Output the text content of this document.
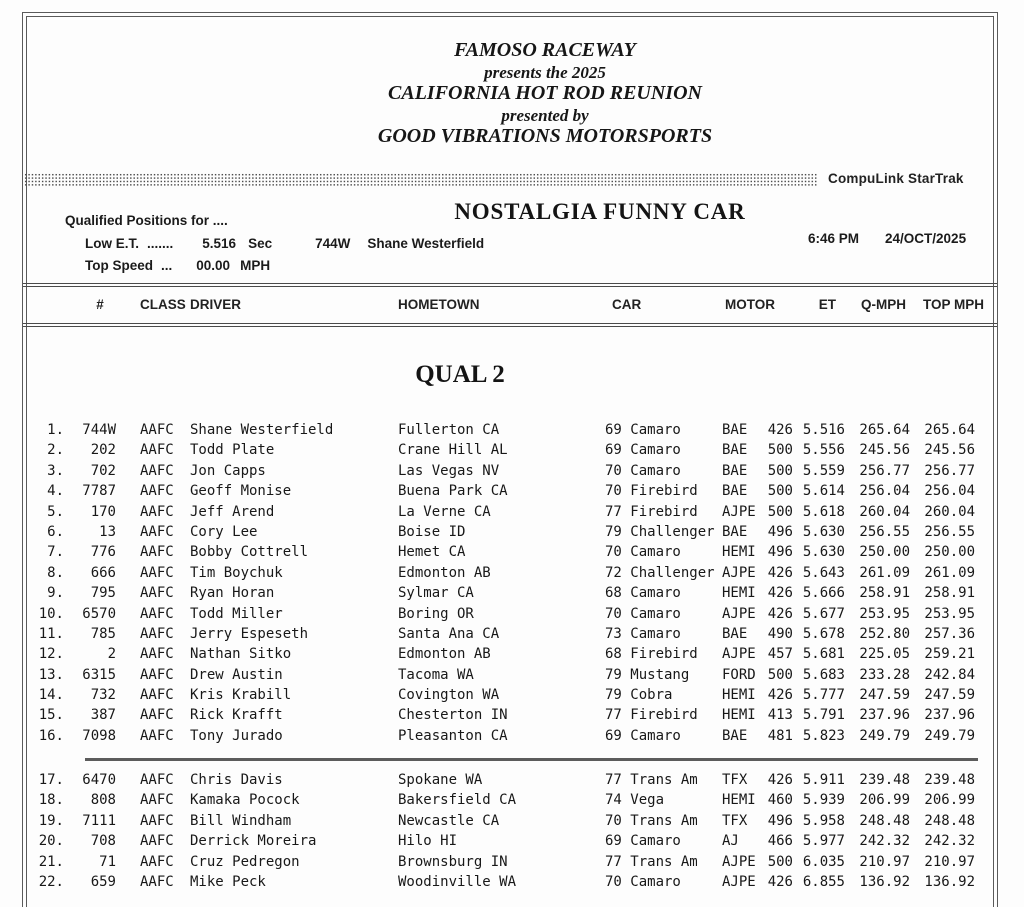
FAMOSO RACEWAY
presents the 2025
CALIFORNIA HOT ROD REUNION
presented by
GOOD VIBRATIONS MOTORSPORTS
CompuLink StarTrak
NOSTALGIA FUNNY CAR
Qualified Positions for ....
Low E.T. ....... 5.516 Sec	744W Shane Westerfield
Top Speed ... 00.00 MPH
6:46 PM 24/OCT/2025
#	CLASS DRIVER	HOMETOWN	CAR	MOTOR	ET	Q-MPH	TOP MPH
QUAL 2
1.	744W	AAFC	Shane Westerfield	Fullerton CA	69 Camaro	BAE	426 5.516	265.64	265.64
2.	202	AAFC	Todd Plate	Crane Hill AL	69 Camaro	BAE	500 5.556	245.56	245.56
3.	702	AAFC	Jon Capps	Las Vegas NV	70 Camaro	BAE	500 5.559	256.77	256.77
4.	7787	AAFC	Geoff Monise	Buena Park CA	70 Firebird	BAE	500 5.614	256.04	256.04
5.	170	AAFC	Jeff Arend	La Verne CA	77 Firebird	AJPE 500 5.618	260.04	260.04
6.	13	AAFC	Cory Lee	Boise ID	79 Challenger BAE	496 5.630	256.55	256.55
7.	776	AAFC	Bobby Cottrell	Hemet CA	70 Camaro	HEMI 496 5.630	250.00	250.00
8.	666	AAFC	Tim Boychuk	Edmonton AB	72 Challenger AJPE 426 5.643	261.09	261.09
9.	795	AAFC	Ryan Horan	Sylmar CA	68 Camaro	HEMI 426 5.666	258.91	258.91
10.	6570	AAFC	Todd Miller	Boring OR	70 Camaro	AJPE 426 5.677	253.95	253.95
11.	785	AAFC	Jerry Espeseth	Santa Ana CA	73 Camaro	BAE	490 5.678	252.80	257.36
12.	2	AAFC	Nathan Sitko	Edmonton AB	68 Firebird	AJPE 457 5.681	225.05	259.21
13.	6315	AAFC	Drew Austin	Tacoma WA	79 Mustang	FORD 500 5.683	233.28	242.84
14.	732	AAFC	Kris Krabill	Covington WA	79 Cobra	HEMI 426 5.777	247.59	247.59
15.	387	AAFC	Rick Krafft	Chesterton IN	77 Firebird	HEMI 413 5.791	237.96	237.96
16.	7098	AAFC	Tony Jurado	Pleasanton CA	69 Camaro	BAE	481 5.823	249.79	249.79
17.	6470	AAFC	Chris Davis	Spokane WA	77 Trans Am	TFX	426 5.911	239.48	239.48
18.	808	AAFC	Kamaka Pocock	Bakersfield CA	74 Vega	HEMI 460 5.939	206.99	206.99
19.	7111	AAFC	Bill Windham	Newcastle CA	70 Trans Am	TFX	496 5.958	248.48	248.48
20.	708	AAFC	Derrick Moreira	Hilo HI	69 Camaro	AJ	466 5.977	242.32	242.32
21.	71	AAFC	Cruz Pedregon	Brownsburg IN	77 Trans Am	AJPE 500 6.035	210.97	210.97
22.	659	AAFC	Mike Peck	Woodinville WA	70 Camaro	AJPE 426 6.855	136.92	136.92
